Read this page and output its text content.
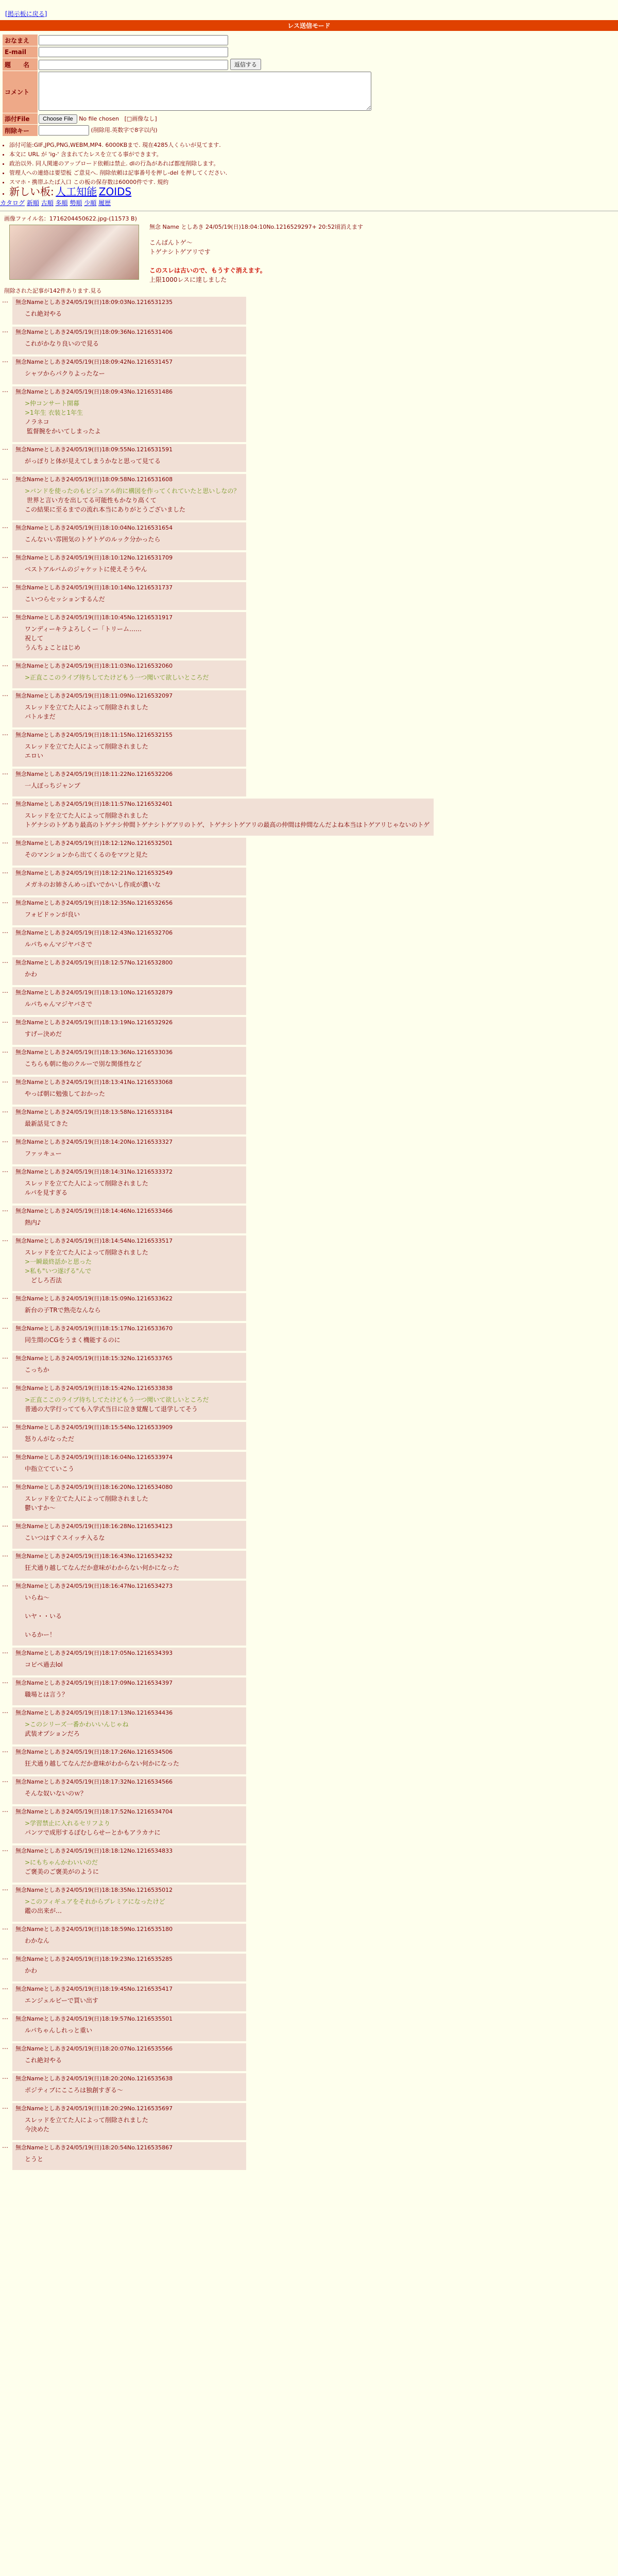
[掲示板に戻る]
レス送信モード
おなまえ	
E-mail	
題　　名	返信する
コメント	
添付File	Choose File No file chosen [□画像なし]
削除キー	(削除用.英数字で8字以内)
• 添付可能:GIF,JPG,PNG,WEBM,MP4. 6000KBまで. 現在4285人くらいが見てます.
• 本文に URL が 'ig-' 含まれてたレスを立てる事ができます。
• 政治以外. 同人関連のアップロード依頼は禁止. dlの行為があれば都度削除します。
• 管理人への連絡は要望板 ご意見へ. 削除依頼は記事番号を押し-del を押してください.
• スマホ・携帯ふたば入口 この板の保存数は60000件です. 規約
• 新しい板: 人工知能 ZOIDS
カタログ 新順 古順 多順 勢順 少順 履歴
画像ファイル名：1716204450622.jpg-(11573 B)
無念 Name としあき 24/05/19(日)18:04:10No.1216529297+ 20:52頃消えます
こんばんトゲ～
トゲナシトゲアリです

このスレは古いので、もうすぐ消えます。
上限1000レスに達しました
削除された記事が142件あります.見る
… 無念Nameとしあき24/05/19(日)18:09:03No.1216531235
これ絶対やる
… 無念Nameとしあき24/05/19(日)18:09:36No.1216531406
これがかなり良いので見る
… 無念Nameとしあき24/05/19(日)18:09:42No.1216531457
シャツからパクりよったなー
… 無念Nameとしあき24/05/19(日)18:09:43No.1216531486
>仲コンサート開幕
>1年生 衣装と1年生
ノラネコ
監督腕をかいてしまったよ
… 無念Nameとしあき24/05/19(日)18:09:55No.1216531591
がっぽりと体が見えてしまうかなと思って見てる
… 無念Nameとしあき24/05/19(日)18:09:58No.1216531608
>バンドを使ったのもビジュアル的に構図を作ってくれていたと思いしなの？
世界と言い方を出してる可能性もかなり高くて
この結果に至るまでの流れ本当にありがとうございました
… 無念Nameとしあき24/05/19(日)18:10:04No.1216531654
こんないい雰囲気のトゲトゲのルック分かったら
… 無念Nameとしあき24/05/19(日)18:10:12No.1216531709
ベストアルバムのジャケットに使えそうやん
… 無念Nameとしあき24/05/19(日)18:10:14No.1216531737
こいつらセッションするんだ
… 無念Nameとしあき24/05/19(日)18:10:45No.1216531917
ワンディーキラよろしくー「トリーム……
祝して
うんちょことはじめ
… 無念Nameとしあき24/05/19(日)18:11:03No.1216532060
>正直ここのライブ待ちしてたけどもう一つ聞いて欲しいところだ
… 無念Nameとしあき24/05/19(日)18:11:09No.1216532097
スレッドを立てた人によって削除されました
バトルまだ
… 無念Nameとしあき24/05/19(日)18:11:15No.1216532155
スレッドを立てた人によって削除されました
エロい
… 無念Nameとしあき24/05/19(日)18:11:22No.1216532206
一人ぼっちジャンプ
… 無念Nameとしあき24/05/19(日)18:11:57No.1216532401
スレッドを立てた人によって削除されました
トゲナシのトゲあり最高のトゲナシ仲間トゲナシトゲアリのトゲ、トゲナシトゲアリの最高の仲間は仲間なんだよね本当はトゲアリじゃないのトゲ
… 無念Nameとしあき24/05/19(日)18:12:12No.1216532501
そのマンションから出てくるのをマツと見た
… 無念Nameとしあき24/05/19(日)18:12:21No.1216532549
メガネのお姉さんめっぽいでかいし作成が濃いな
… 無念Nameとしあき24/05/19(日)18:12:35No.1216532656
フォビドゥンが良い
… 無念Nameとしあき24/05/19(日)18:12:43No.1216532706
ルパちゃんマジヤバさで
… 無念Nameとしあき24/05/19(日)18:12:57No.1216532800
かわ
… 無念Nameとしあき24/05/19(日)18:13:10No.1216532879
ルパちゃんマジヤバさで
… 無念Nameとしあき24/05/19(日)18:13:19No.1216532926
すげー決めだ
… 無念Nameとしあき24/05/19(日)18:13:36No.1216533036
こちらも朝に他のクルーで別な関係性など
… 無念Nameとしあき24/05/19(日)18:13:41No.1216533068
やっぱ朝に勉強しておかった
… 無念Nameとしあき24/05/19(日)18:13:58No.1216533184
最新話見てきた
… 無念Nameとしあき24/05/19(日)18:14:20No.1216533327
ファッキュー
… 無念Nameとしあき24/05/19(日)18:14:31No.1216533372
スレッドを立てた人によって削除されました
ルパを見すぎる
… 無念Nameとしあき24/05/19(日)18:14:46No.1216533466
熱内♪
… 無念Nameとしあき24/05/19(日)18:14:54No.1216533517
スレッドを立てた人によって削除されました
>一瞬最終話かと思った
>私も"いつ遂げる"んで
　どしろ否法
… 無念Nameとしあき24/05/19(日)18:15:09No.1216533622
新台の子TRで熟売なんなら
… 無念Nameとしあき24/05/19(日)18:15:17No.1216533670
同生間のCGをうまく機能するのに
… 無念Nameとしあき24/05/19(日)18:15:32No.1216533765
こっちか
… 無念Nameとしあき24/05/19(日)18:15:42No.1216533838
>正直ここのライブ待ちしてたけどもう一つ聞いて欲しいところだ
普通の大学行ってても入学式当日に泣き覚醒して退学してそう
… 無念Nameとしあき24/05/19(日)18:15:54No.1216533909
怒りんがなっただ
… 無念Nameとしあき24/05/19(日)18:16:04No.1216533974
中指立てていこう
… 無念Nameとしあき24/05/19(日)18:16:20No.1216534080
スレッドを立てた人によって削除されました
鬱いすか〜
… 無念Nameとしあき24/05/19(日)18:16:28No.1216534123
こいつはすぐスイッチ入るな
… 無念Nameとしあき24/05/19(日)18:16:43No.1216534232
狂犬通り越してなんだか意味がわからない何かになった
… 無念Nameとしあき24/05/19(日)18:16:47No.1216534273
いらね〜

いヤ・・いる

いるかー！
… 無念Nameとしあき24/05/19(日)18:17:05No.1216534393
コピペ過去lol
… 無念Nameとしあき24/05/19(日)18:17:09No.1216534397
職場とは言う？
… 無念Nameとしあき24/05/19(日)18:17:13No.1216534436
>このシリーズ一番かわいいんじゃね
武装オプションだろ
… 無念Nameとしあき24/05/19(日)18:17:26No.1216534506
狂犬通り越してなんだか意味がわからない何かになった
… 無念Nameとしあき24/05/19(日)18:17:32No.1216534566
そんな奴いないのｗ？
… 無念Nameとしあき24/05/19(日)18:17:52No.1216534704
>学習禁止に入れるセリフより
パンツで成形するぽむしらせーとかもアラカナに
… 無念Nameとしあき24/05/19(日)18:18:12No.1216534833
>にもちゃんかわいいのだ
ご褒美のご褒美がのように
… 無念Nameとしあき24/05/19(日)18:18:35No.1216535012
>このフィギュアをそれからプレミアになったけど
鑑の出来が…
… 無念Nameとしあき24/05/19(日)18:18:59No.1216535180
わかなん
… 無念Nameとしあき24/05/19(日)18:19:23No.1216535285
かわ
… 無念Nameとしあき24/05/19(日)18:19:45No.1216535417
エンジェルビーで買い出す
… 無念Nameとしあき24/05/19(日)18:19:57No.1216535501
ルパちゃんしれっと重い
… 無念Nameとしあき24/05/19(日)18:20:07No.1216535566
これ絶対やる
… 無念Nameとしあき24/05/19(日)18:20:20No.1216535638
ポジティブにこころは独創すぎる〜
… 無念Nameとしあき24/05/19(日)18:20:29No.1216535697
スレッドを立てた人によって削除されました
今決めた
… 無念Nameとしあき24/05/19(日)18:20:54No.1216535867
とうと
